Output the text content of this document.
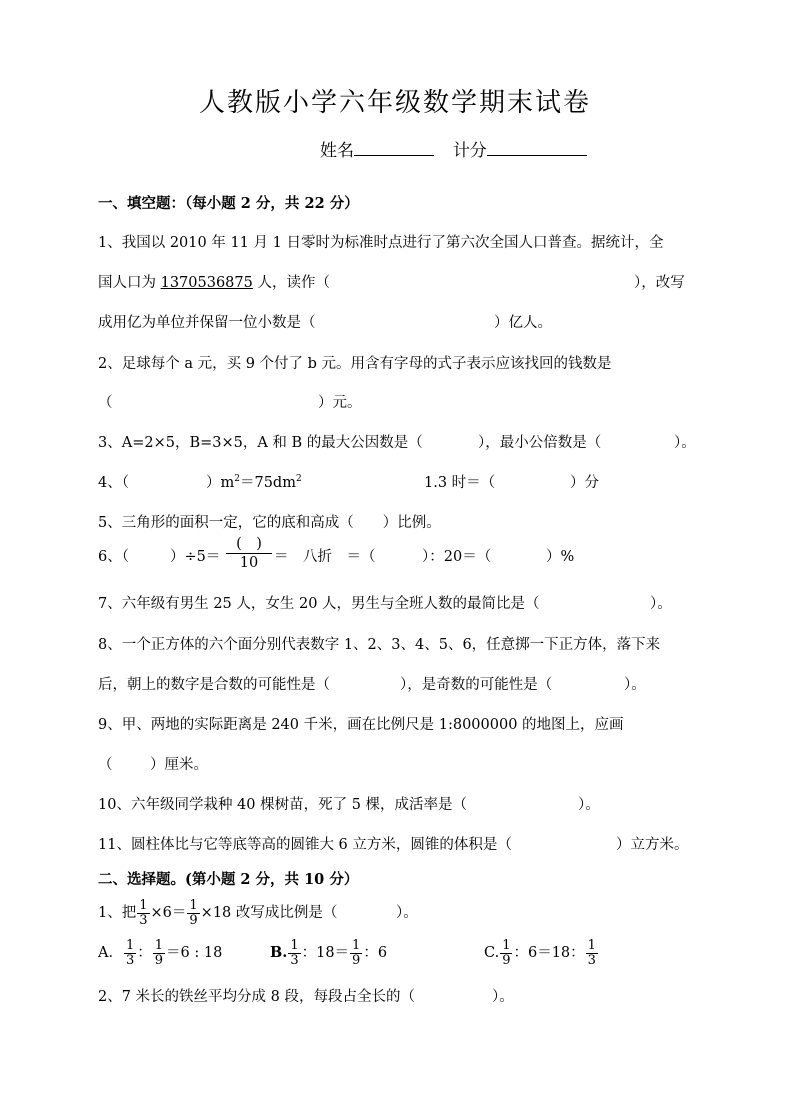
人教版小学六年级数学期末试卷
姓名	计分
一、填空题：（每小题 2 分，共 22 分）
1、我国以 2010 年 11 月 1 日零时为标准时点进行了第六次全国人口普查。据统计，全
国人口为 1370536875 人，读作（	），改写
成用亿为单位并保留一位小数是（	）亿人。
2、足球每个 a 元，买 9 个付了 b 元。用含有字母的式子表示应该找回的钱数是
（	）元。
3、A=2×5，B=3×5，A 和 B 的最大公因数是（	），最小公倍数是（	）。
4、（	）$m^2=75dm^2$	1.3 时＝（	）分
5、三角形的面积一定，它的底和高成（　　）比例。
6、（	）$\div 5= \frac{( )}{10}$ ＝　八折　＝（	）：20＝（	）%
7、六年级有男生 25 人，女生 20 人，男生与全班人数的最简比是（	）。
8、一个正方体的六个面分别代表数字 1、2、3、4、5、6，任意掷一下正方体，落下来
后，朝上的数字是合数的可能性是（	），是奇数的可能性是（	）。
9、甲、两地的实际距离是 240 千米，画在比例尺是 1:8000000 的地图上，应画
（	）厘米。
10、六年级同学栽种 40 棵树苗，死了 5 棵，成活率是（	）。
11、圆柱体比与它等底等高的圆锥大 6 立方米，圆锥的体积是（	）立方米。
二、选择题。(第小题 2 分，共 10 分）
1、把 $\frac{1}{3} \times 6= \frac{1}{9} \times 18$ 改写成比例是（	）。
A． $\frac{1}{3}$ ： $\frac{1}{9} =6$ : 18	B. $\frac{1}{3}$ ：$18= \frac{1}{9}$ ：6	C. $\frac{1}{9}$ ：6＝18： $\frac{1}{3}$
2、7 米长的铁丝平均分成 8 段，每段占全长的（	）。
